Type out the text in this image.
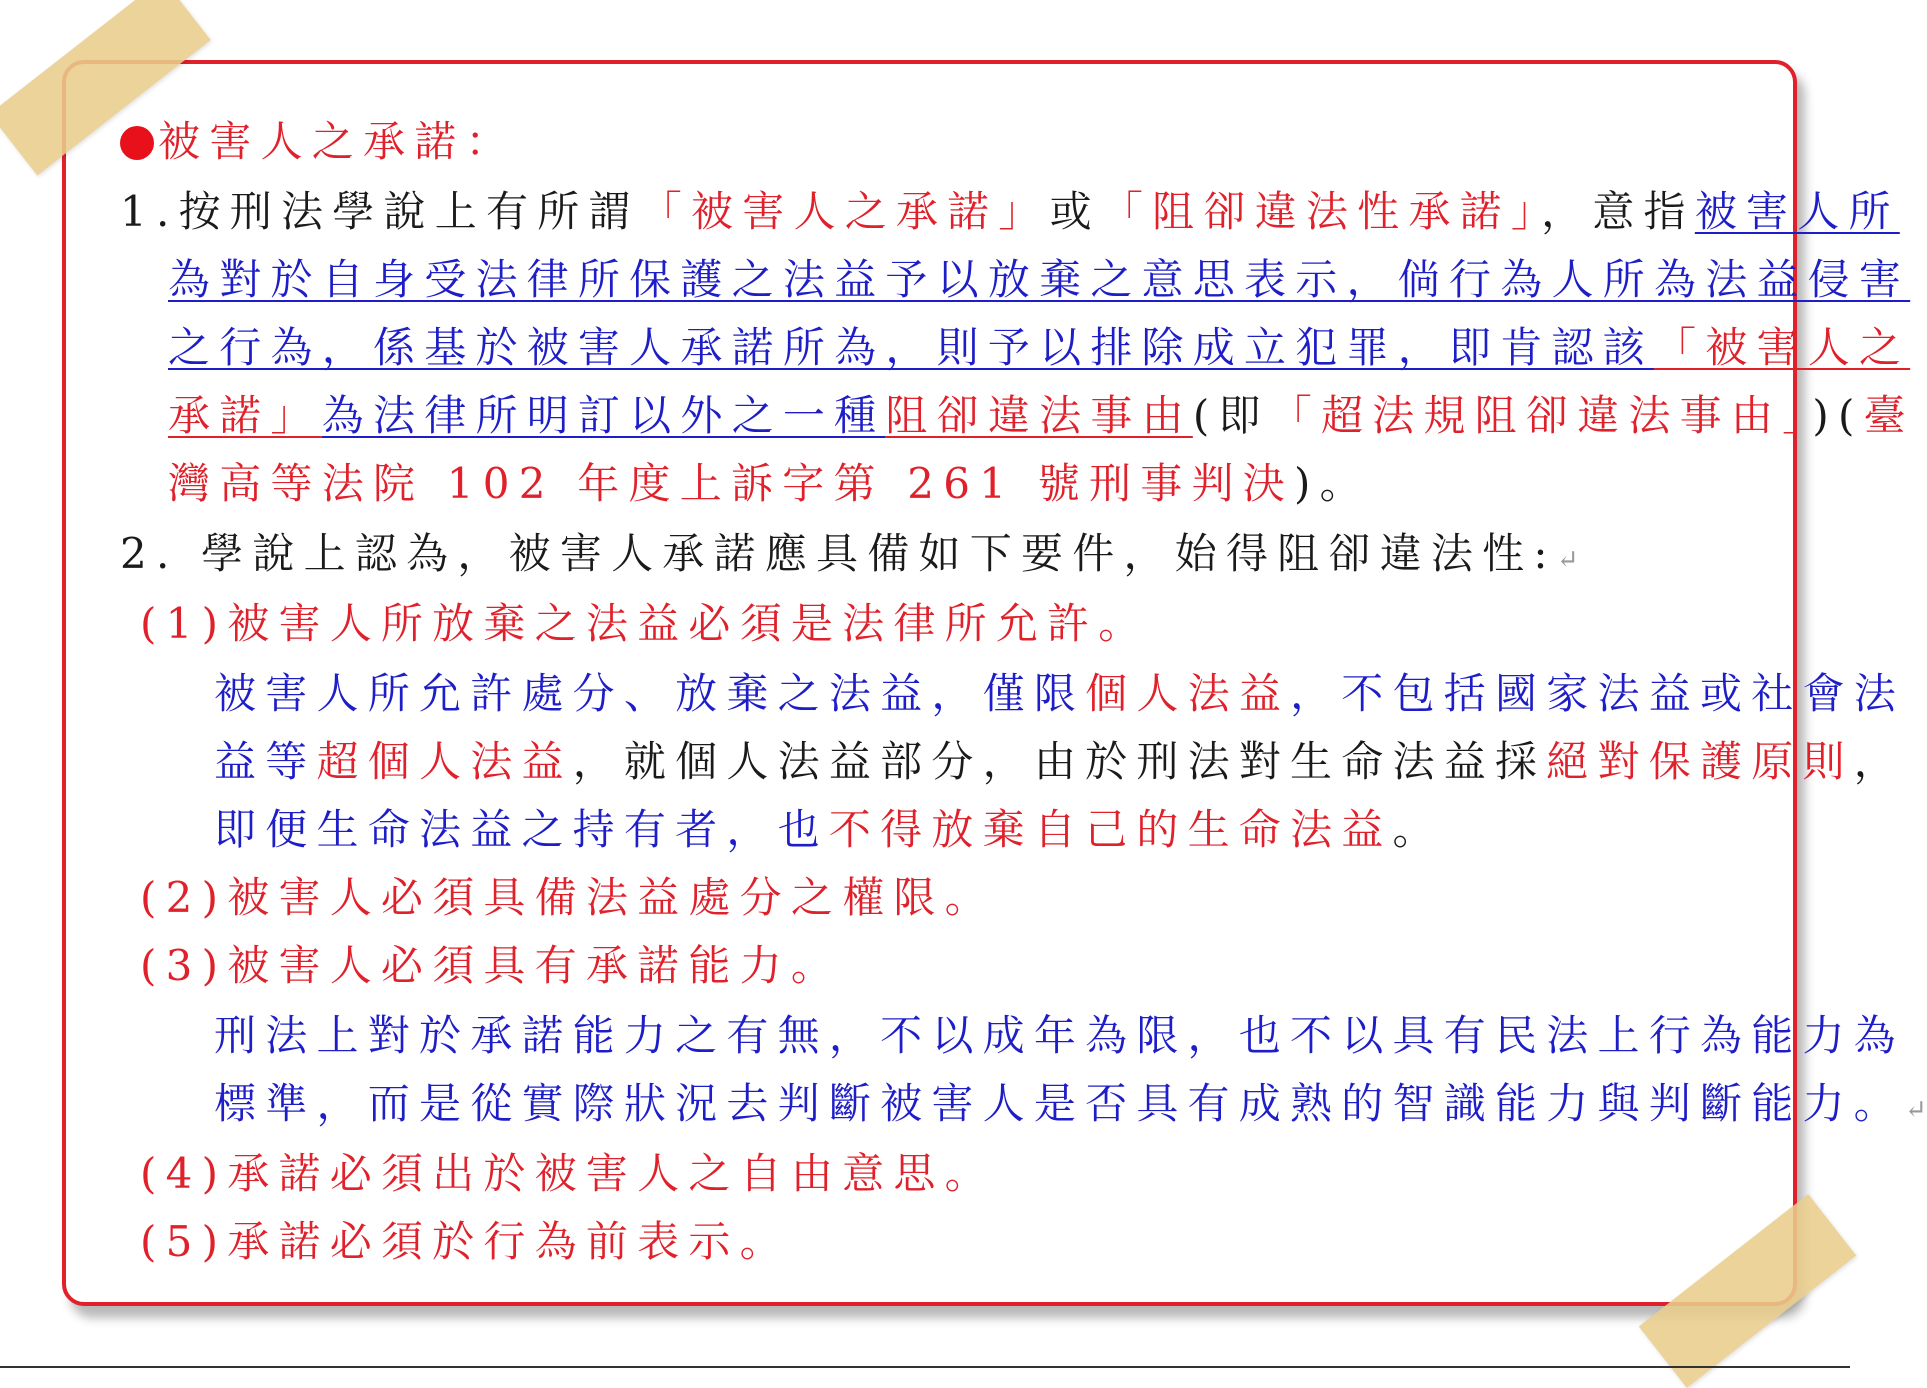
被害人之承諾：
1.按刑法學說上有所謂「被害人之承諾」或「阻卻違法性承諾」，意指被害人所
為對於自身受法律所保護之法益予以放棄之意思表示，倘行為人所為法益侵害
之行為，係基於被害人承諾所為，則予以排除成立犯罪，即肯認該「被害人之
承諾」為法律所明訂以外之一種阻卻違法事由(即「超法規阻卻違法事由」)(臺
灣高等法院 102 年度上訴字第 261 號刑事判決)。
2. 學說上認為，被害人承諾應具備如下要件，始得阻卻違法性:↵
(1)被害人所放棄之法益必須是法律所允許。
被害人所允許處分、放棄之法益，僅限個人法益，不包括國家法益或社會法
益等超個人法益，就個人法益部分，由於刑法對生命法益採絕對保護原則，
即便生命法益之持有者，也不得放棄自己的生命法益。
(2)被害人必須具備法益處分之權限。
(3)被害人必須具有承諾能力。
刑法上對於承諾能力之有無，不以成年為限，也不以具有民法上行為能力為
標準，而是從實際狀況去判斷被害人是否具有成熟的智識能力與判斷能力。↵
(4)承諾必須出於被害人之自由意思。
(5)承諾必須於行為前表示。
